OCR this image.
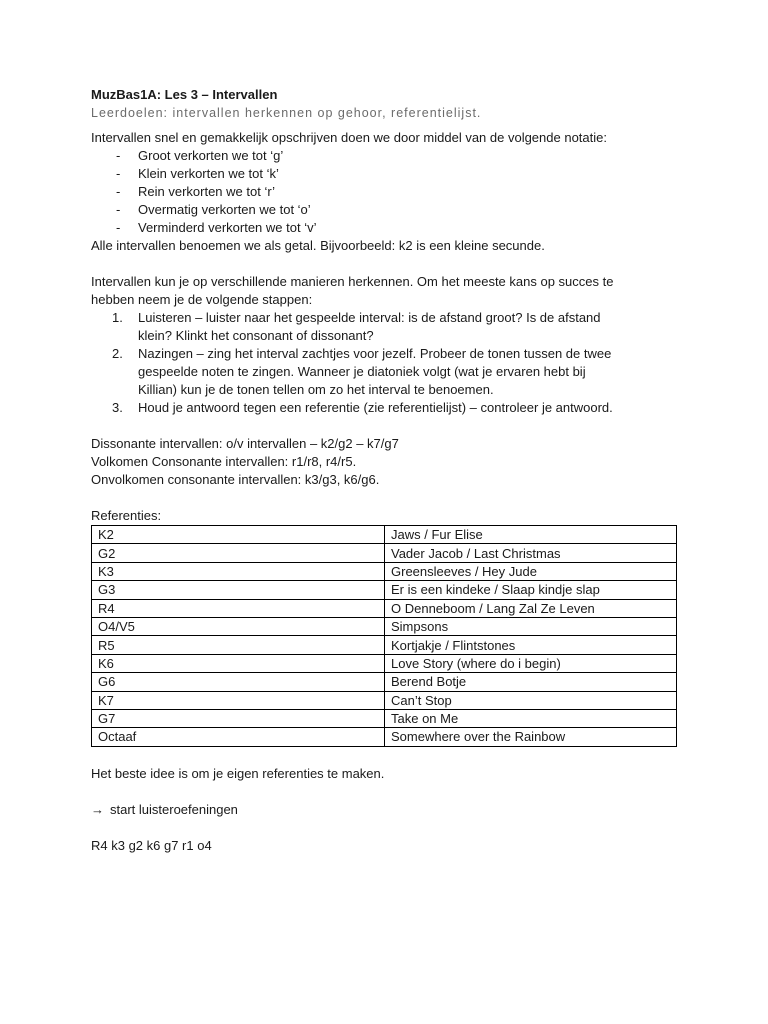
MuzBas1A: Les 3 – Intervallen
Leerdoelen: intervallen herkennen op gehoor, referentielijst.
Intervallen snel en gemakkelijk opschrijven doen we door middel van de volgende notatie:
- Groot verkorten we tot ‘g’
- Klein verkorten we tot ‘k’
- Rein verkorten we tot ‘r’
- Overmatig verkorten we tot ‘o’
- Verminderd verkorten we tot ‘v’
Alle intervallen benoemen we als getal. Bijvoorbeeld: k2 is een kleine secunde.
Intervallen kun je op verschillende manieren herkennen. Om het meeste kans op succes te
hebben neem je de volgende stappen:
1. Luisteren – luister naar het gespeelde interval: is de afstand groot? Is de afstand
klein? Klinkt het consonant of dissonant?
2. Nazingen – zing het interval zachtjes voor jezelf. Probeer de tonen tussen de twee
gespeelde noten te zingen. Wanneer je diatoniek volgt (wat je ervaren hebt bij
Killian) kun je de tonen tellen om zo het interval te benoemen.
3. Houd je antwoord tegen een referentie (zie referentielijst) – controleer je antwoord.
Dissonante intervallen: o/v intervallen – k2/g2 – k7/g7
Volkomen Consonante intervallen: r1/r8, r4/r5.
Onvolkomen consonante intervallen: k3/g3, k6/g6.
Referenties:
K2	Jaws / Fur Elise
G2	Vader Jacob / Last Christmas
K3	Greensleeves / Hey Jude
G3	Er is een kindeke / Slaap kindje slap
R4	O Denneboom / Lang Zal Ze Leven
O4/V5	Simpsons
R5	Kortjakje / Flintstones
K6	Love Story (where do i begin)
G6	Berend Botje
K7	Can’t Stop
G7	Take on Me
Octaaf	Somewhere over the Rainbow
Het beste idee is om je eigen referenties te maken.
→ start luisteroefeningen
R4 k3 g2 k6 g7 r1 o4
